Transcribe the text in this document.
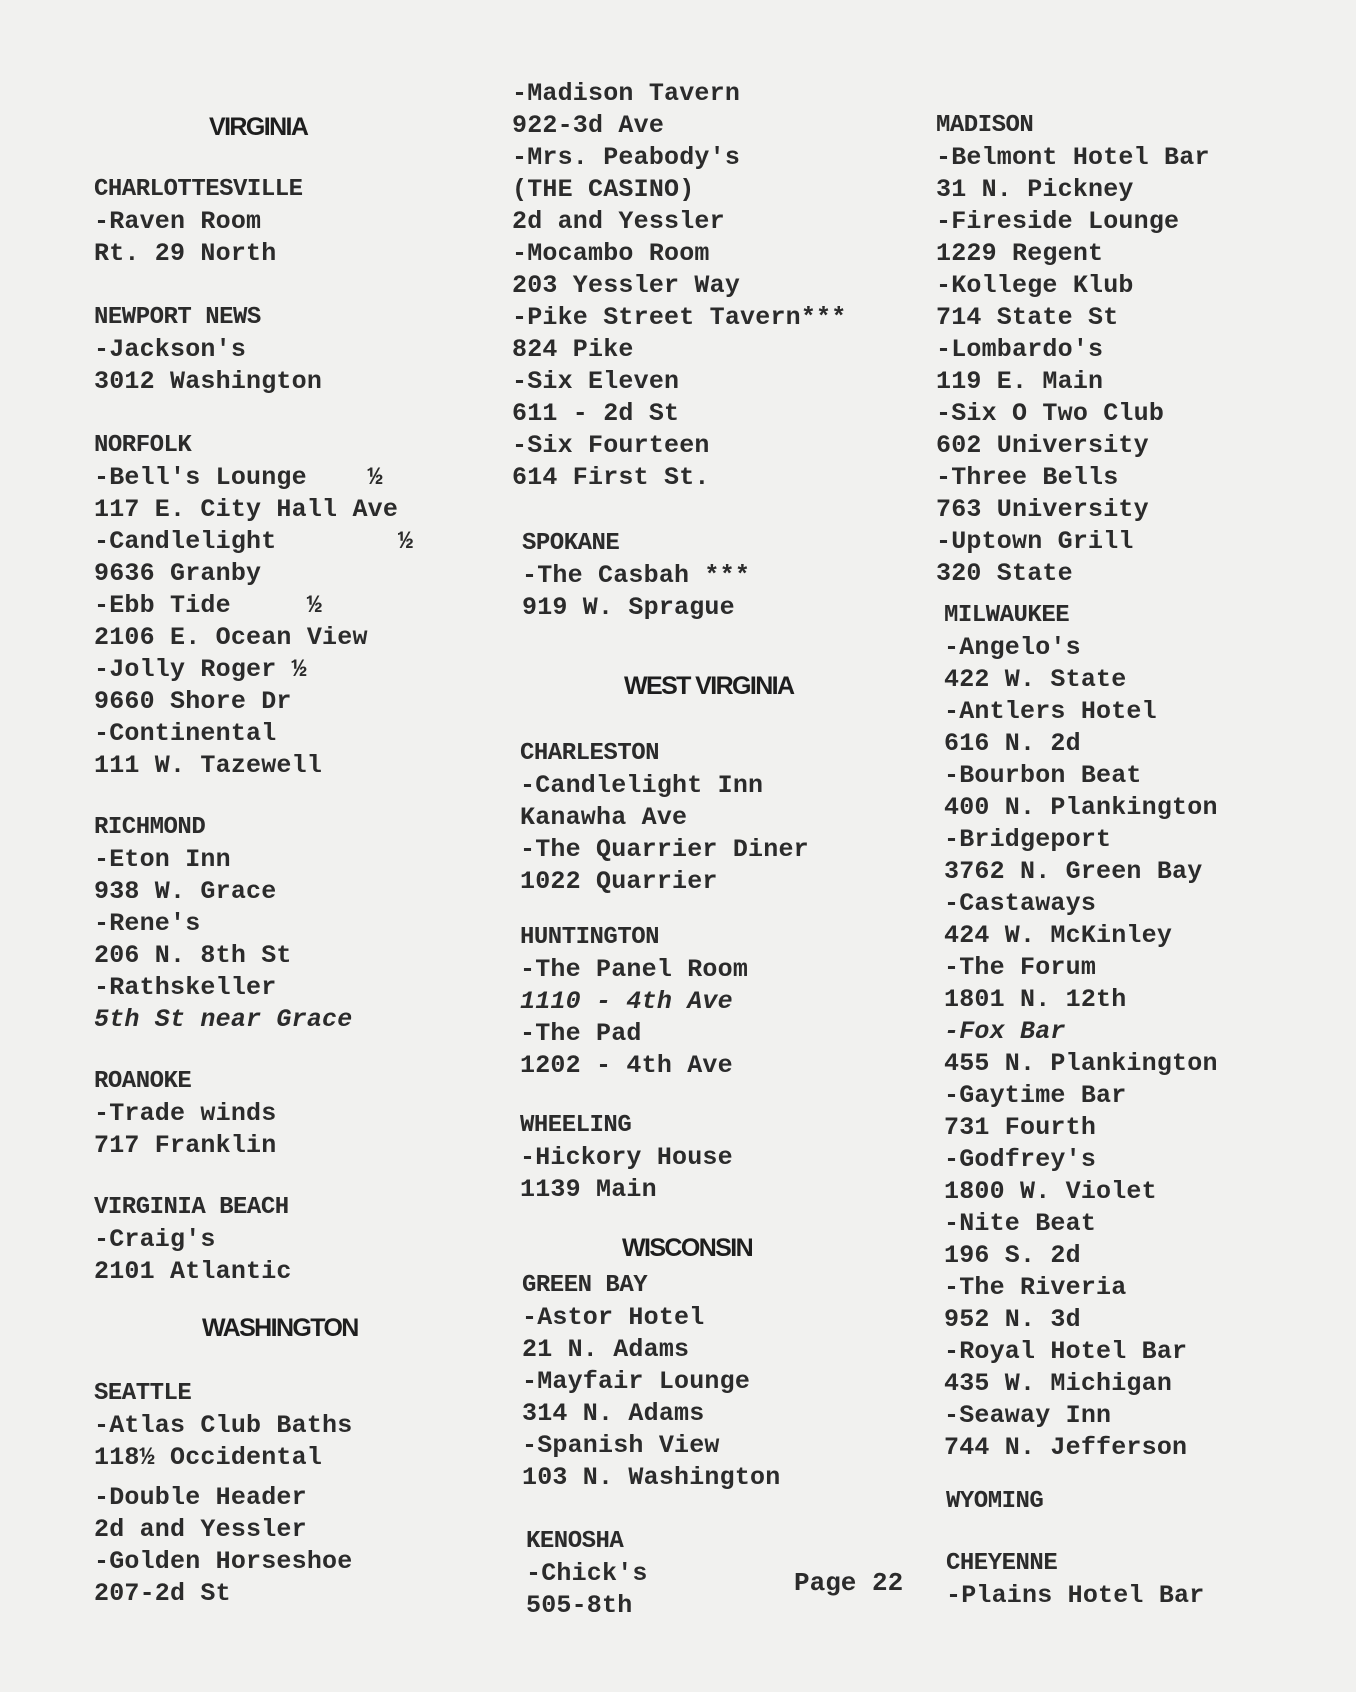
VIRGINIA
CHARLOTTESVILLE
-Raven Room
Rt. 29 North
NEWPORT NEWS
-Jackson's
3012 Washington
NORFOLK
-Bell's Lounge    ½
117 E. City Hall Ave
-Candlelight        ½
9636 Granby
-Ebb Tide     ½
2106 E. Ocean View
-Jolly Roger ½
9660 Shore Dr
-Continental
111 W. Tazewell
RICHMOND
-Eton Inn
938 W. Grace
-Rene's
206 N. 8th St
-Rathskeller
5th St near Grace
ROANOKE
-Trade winds
717 Franklin
VIRGINIA BEACH
-Craig's
2101 Atlantic
WASHINGTON
SEATTLE
-Atlas Club Baths
118½ Occidental
-Double Header
2d and Yessler
-Golden Horseshoe
207-2d St
-Madison Tavern
922-3d Ave
-Mrs. Peabody's
(THE CASINO)
2d and Yessler
-Mocambo Room
203 Yessler Way
-Pike Street Tavern***
824 Pike
-Six Eleven
611 - 2d St
-Six Fourteen
614 First St.
SPOKANE
-The Casbah ***
919 W. Sprague
WEST VIRGINIA
CHARLESTON
-Candlelight Inn
Kanawha Ave
-The Quarrier Diner
1022 Quarrier
HUNTINGTON
-The Panel Room
1110 - 4th Ave
-The Pad
1202 - 4th Ave
WHEELING
-Hickory House
1139 Main
WISCONSIN
GREEN BAY
-Astor Hotel
21 N. Adams
-Mayfair Lounge
314 N. Adams
-Spanish View
103 N. Washington
KENOSHA
-Chick's
505-8th
MADISON
-Belmont Hotel Bar
31 N. Pickney
-Fireside Lounge
1229 Regent
-Kollege Klub
714 State St
-Lombardo's
119 E. Main
-Six O Two Club
602 University
-Three Bells
763 University
-Uptown Grill
320 State
MILWAUKEE
-Angelo's
422 W. State
-Antlers Hotel
616 N. 2d
-Bourbon Beat
400 N. Plankington
-Bridgeport
3762 N. Green Bay
-Castaways
424 W. McKinley
-The Forum
1801 N. 12th
-Fox Bar
455 N. Plankington
-Gaytime Bar
731 Fourth
-Godfrey's
1800 W. Violet
-Nite Beat
196 S. 2d
-The Riveria
952 N. 3d
-Royal Hotel Bar
435 W. Michigan
-Seaway Inn
744 N. Jefferson
WYOMING
CHEYENNE
-Plains Hotel Bar
Page 22
